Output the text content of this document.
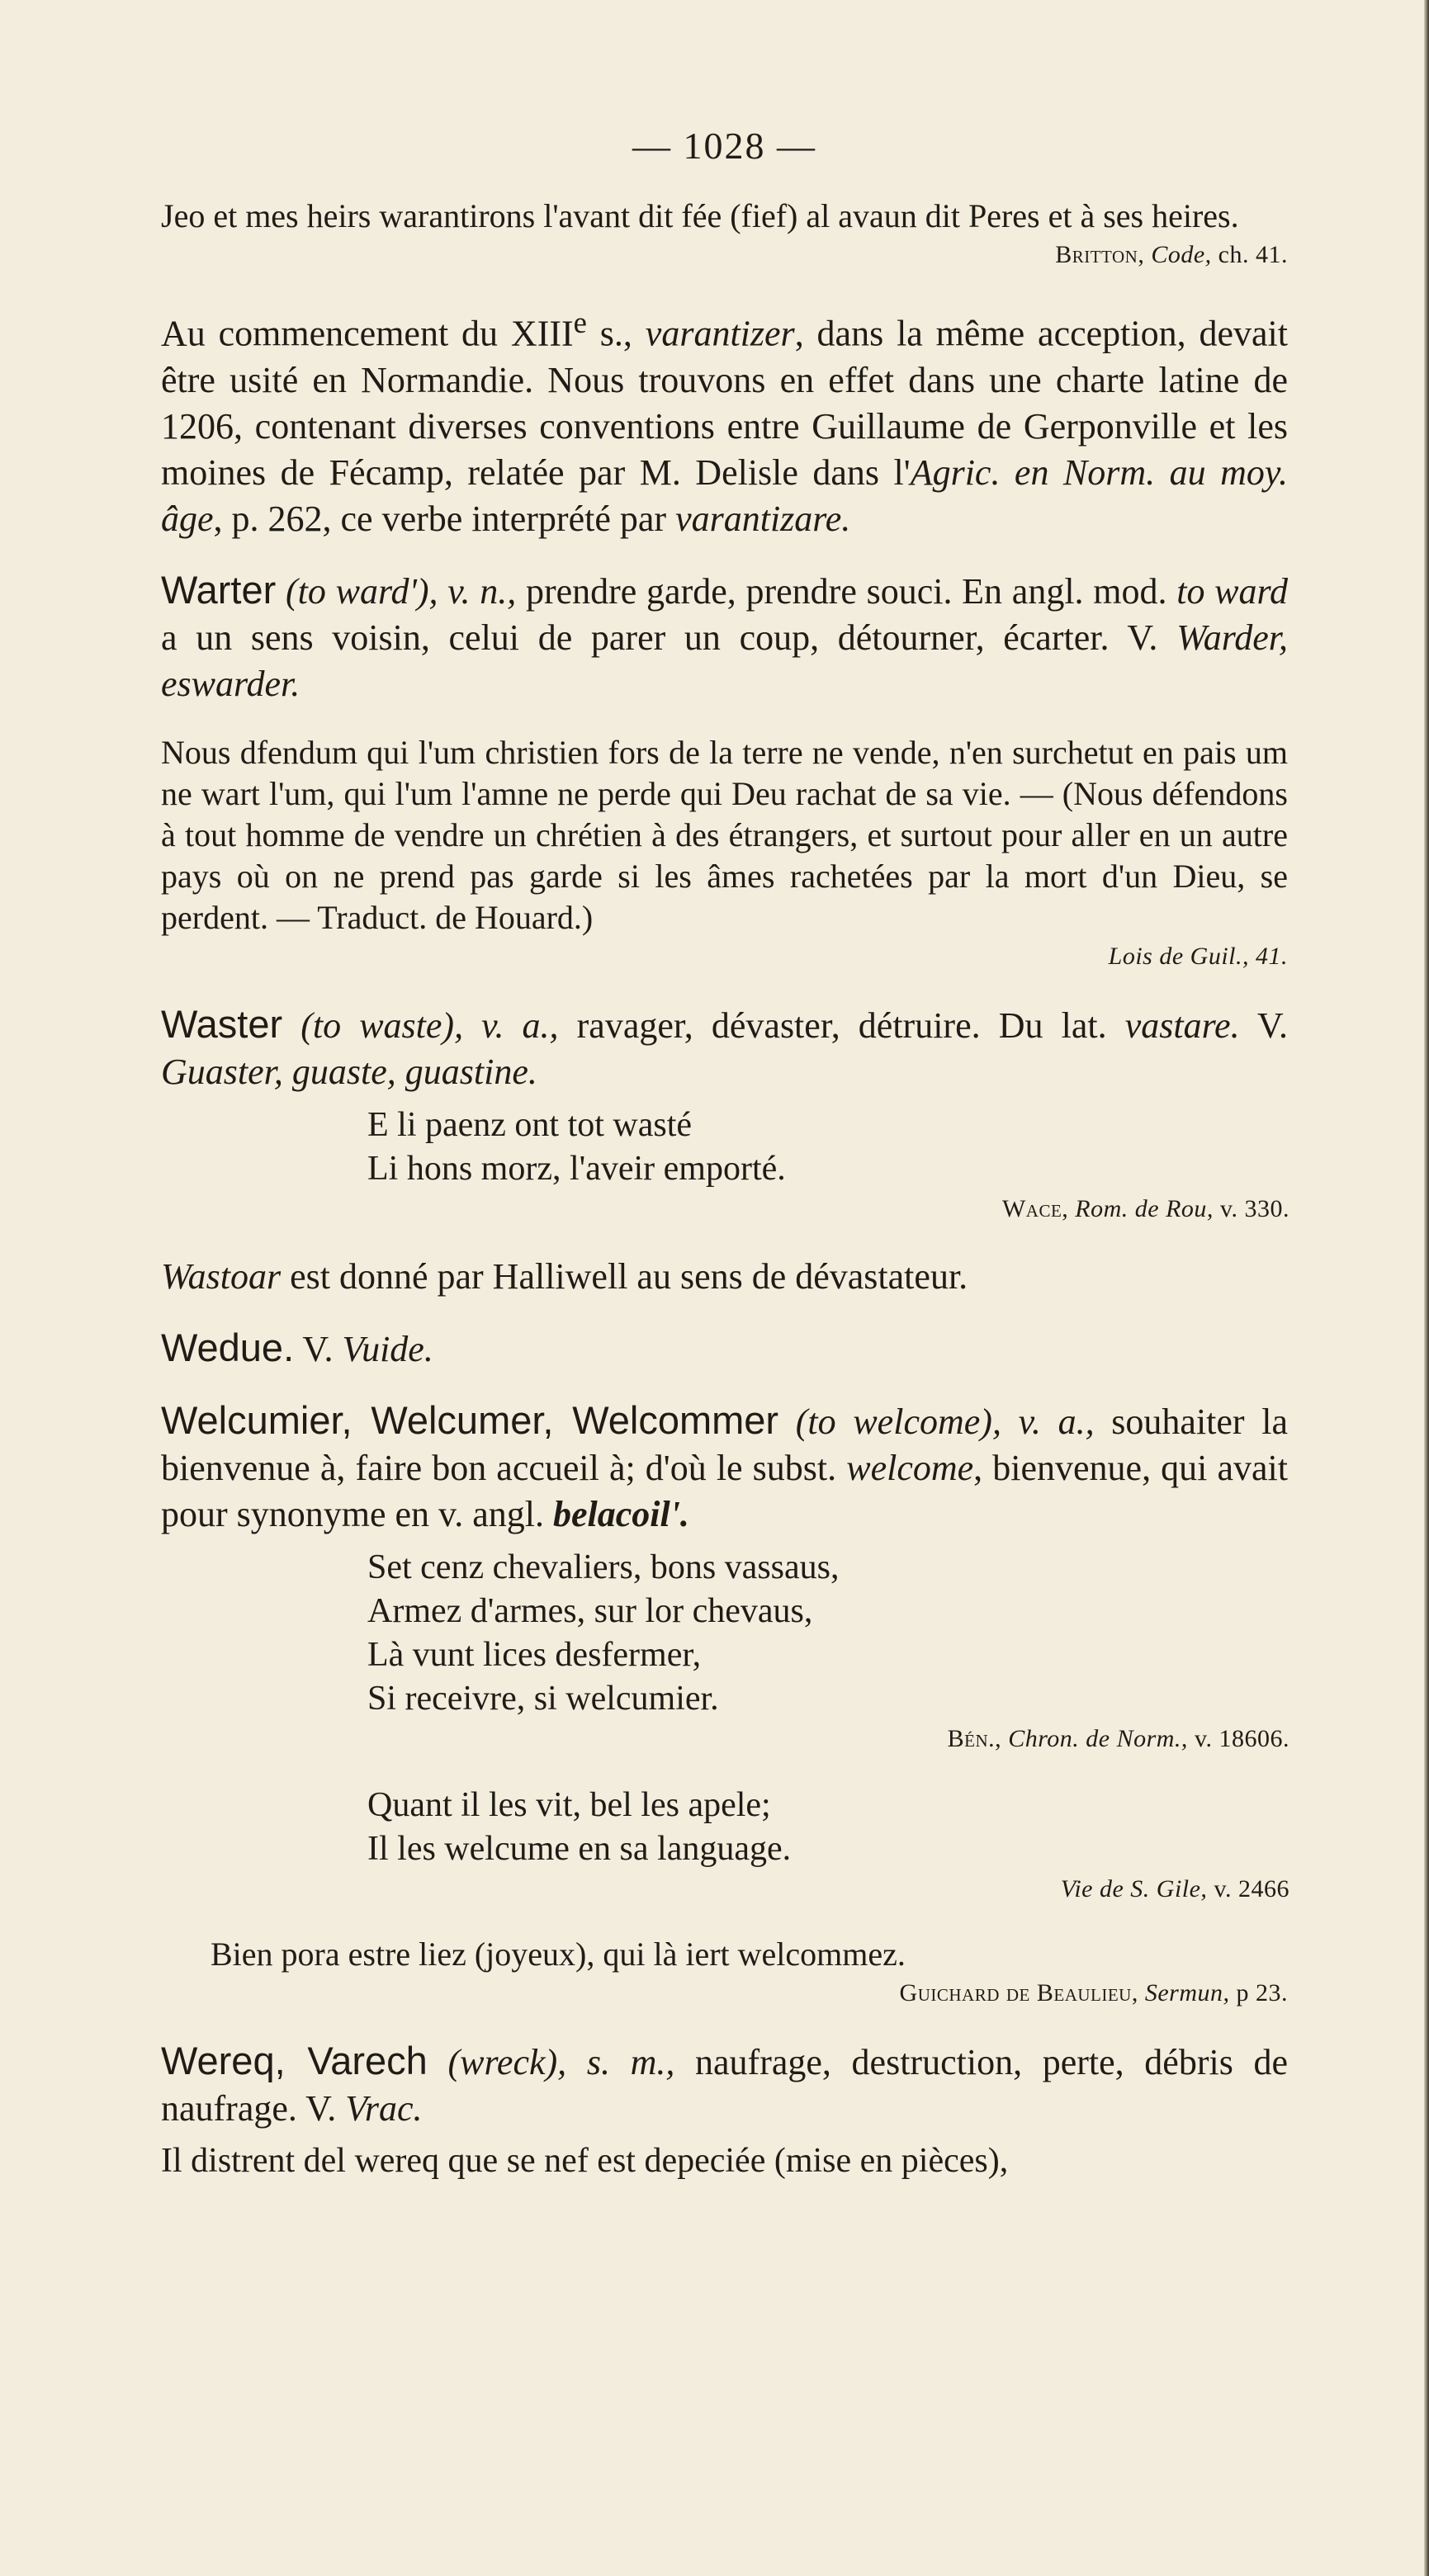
— 1028 —

Jeo et mes heirs warantirons l'avant dit fée (fief) al avaun dit Peres et à ses heires.

Britton, Code, ch. 41.

Au commencement du XIIIe s., varantizer, dans la même acception, devait être usité en Normandie. Nous trouvons en effet dans une charte latine de 1206, contenant diverses conventions entre Guillaume de Gerponville et les moines de Fécamp, relatée par M. Delisle dans l'Agric. en Norm. au moy. âge, p. 262, ce verbe interprété par varantizare.

Warter (to ward'), v. n., prendre garde, prendre souci. En angl. mod. to ward a un sens voisin, celui de parer un coup, détourner, écarter. V. Warder, eswarder.

Nous dfendum qui l'um christien fors de la terre ne vende, n'en surchetut en pais um ne wart l'um, qui l'um l'amne ne perde qui Deu rachat de sa vie. — (Nous défendons à tout homme de vendre un chrétien à des étrangers, et surtout pour aller en un autre pays où on ne prend pas garde si les âmes rachetées par la mort d'un Dieu, se perdent. — Traduct. de Houard.)

Lois de Guil., 41.

Waster (to waste), v. a., ravager, dévaster, détruire. Du lat. vastare. V. Guaster, guaste, guastine.

E li paenz ont tot wasté
Li hons morz, l'aveir emporté.
Wace, Rom. de Rou, v. 330.

Wastoar est donné par Halliwell au sens de dévastateur.

Wedue. V. Vuide.

Welcumier, Welcumer, Welcommer (to welcome), v. a., souhaiter la bienvenue à, faire bon accueil à; d'où le subst. welcome, bienvenue, qui avait pour synonyme en v. angl. belacoil'.

Set cenz chevaliers, bons vassaus,
Armez d'armes, sur lor chevaus,
Là vunt lices desfermer,
Si receivre, si welcumier.
Bén., Chron. de Norm., v. 18606.
Quant il les vit, bel les apele;
Il les welcume en sa language.
Vie de S. Gile, v. 2466

Bien pora estre liez (joyeux), qui là iert welcommez.

Guichard de Beaulieu, Sermun, p 23.

Wereq, Varech (wreck), s. m., naufrage, destruction, perte, débris de naufrage. V. Vrac.

Il distrent del wereq que se nef est depeciée (mise en pièces),
